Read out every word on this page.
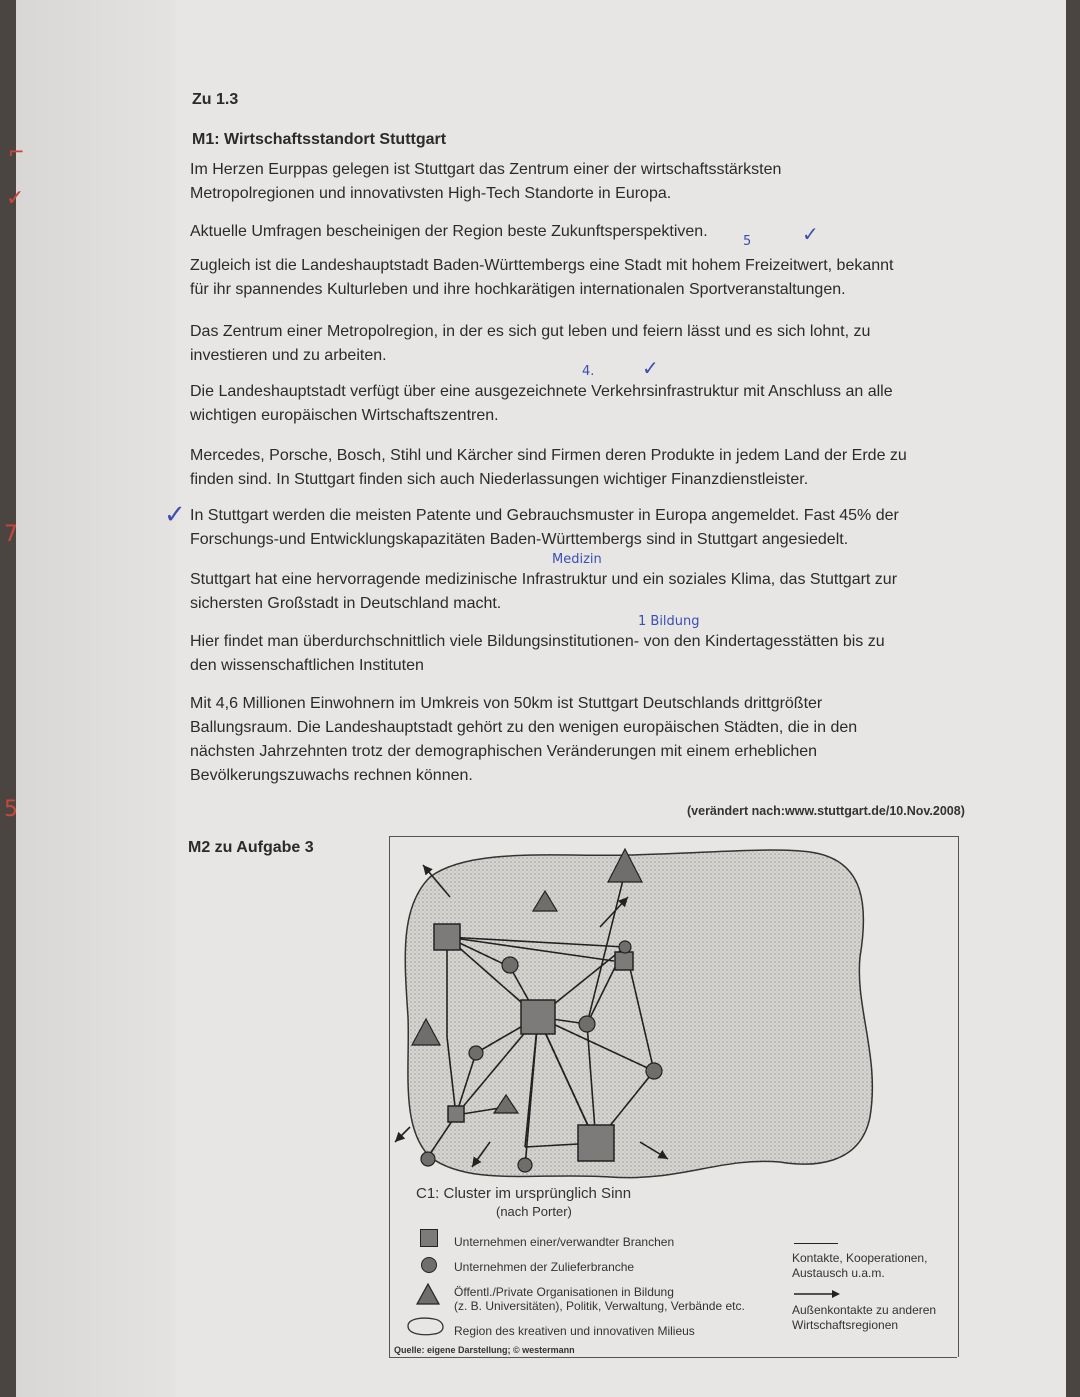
⌐
✓
7
5
Zu 1.3
M1: Wirtschaftsstandort Stuttgart
Im Herzen Eurppas gelegen ist Stuttgart das Zentrum einer der wirtschaftsstärksten
Metropolregionen und innovativsten High-Tech Standorte in Europa.
Aktuelle Umfragen bescheinigen der Region beste Zukunftsperspektiven.
5	✓
Zugleich ist die Landeshauptstadt Baden-Württembergs eine Stadt mit hohem Freizeitwert, bekannt
für ihr spannendes Kulturleben und ihre hochkarätigen internationalen Sportveranstaltungen.
Das Zentrum einer Metropolregion, in der es sich gut leben und feiern lässt und es sich lohnt, zu
investieren und zu arbeiten.
4. ✓
Die Landeshauptstadt verfügt über eine ausgezeichnete Verkehrsinfrastruktur mit Anschluss an alle
wichtigen europäischen Wirtschaftszentren.
Mercedes, Porsche, Bosch, Stihl und Kärcher sind Firmen deren Produkte in jedem Land der Erde zu
finden sind. In Stuttgart finden sich auch Niederlassungen wichtiger Finanzdienstleister.
✓ In Stuttgart werden die meisten Patente und Gebrauchsmuster in Europa angemeldet. Fast 45% der
Forschungs-und Entwicklungskapazitäten Baden-Württembergs sind in Stuttgart angesiedelt.
Medizin
Stuttgart hat eine hervorragende medizinische Infrastruktur und ein soziales Klima, das Stuttgart zur
sichersten Großstadt in Deutschland macht.
1 Bildung
Hier findet man überdurchschnittlich viele Bildungsinstitutionen- von den Kindertagesstätten bis zu
den wissenschaftlichen Instituten
Mit 4,6 Millionen Einwohnern im Umkreis von 50km ist Stuttgart Deutschlands drittgrößter
Ballungsraum. Die Landeshauptstadt gehört zu den wenigen europäischen Städten, die in den
nächsten Jahrzehnten trotz der demographischen Veränderungen mit einem erheblichen
Bevölkerungszuwachs rechnen können.
(verändert nach:www.stuttgart.de/10.Nov.2008)
M2 zu Aufgabe 3
C1: Cluster im ursprünglich Sinn
(nach Porter)
Unternehmen einer/verwandter Branchen
Unternehmen der Zulieferbranche
Öffentl./Private Organisationen in Bildung
(z. B. Universitäten), Politik, Verwaltung, Verbände etc.
Region des kreativen und innovativen Milieus
Kontakte, Kooperationen,
Austausch u.a.m.
Außenkontakte zu anderen
Wirtschaftsregionen
Quelle: eigene Darstellung; © westermann
